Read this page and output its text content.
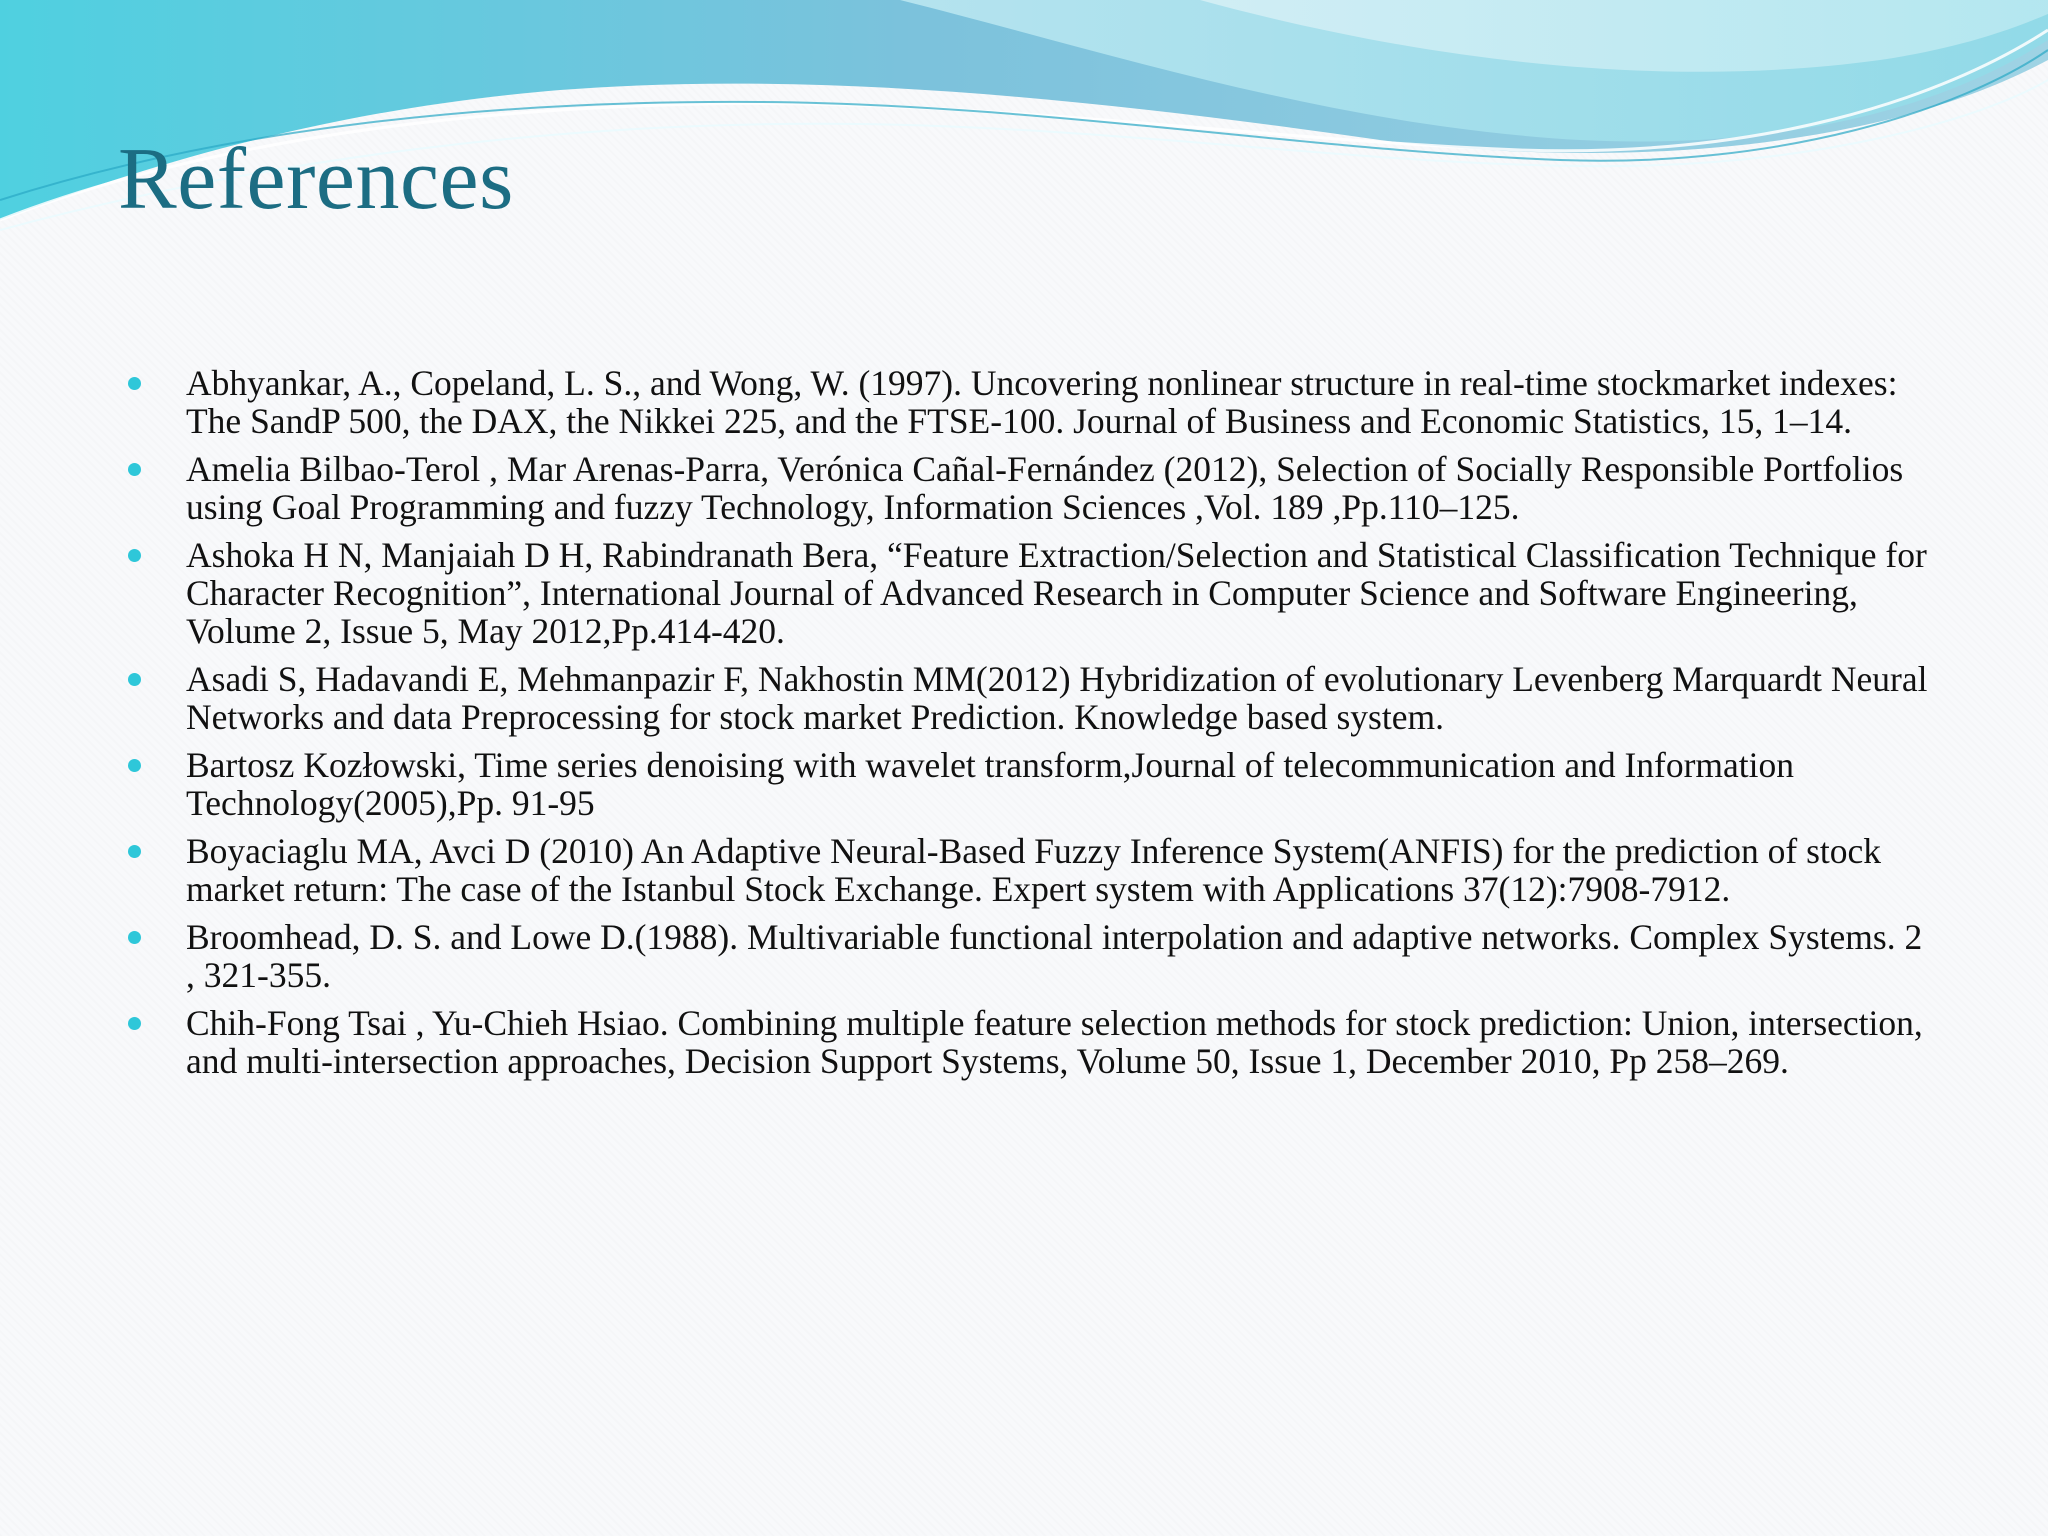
References
Abhyankar, A., Copeland, L. S., and Wong, W. (1997). Uncovering nonlinear structure in real-time stockmarket indexes: The SandP 500, the DAX, the Nikkei 225, and the FTSE-100. Journal of Business and Economic Statistics, 15, 1–14.
Amelia Bilbao-Terol , Mar Arenas-Parra, Verónica Cañal-Fernández (2012), Selection of Socially Responsible Portfolios using Goal Programming and fuzzy Technology, Information Sciences ,Vol. 189 ,Pp.110–125.
Ashoka H N, Manjaiah D H, Rabindranath Bera, “Feature Extraction/Selection and Statistical Classification Technique for Character Recognition”, International Journal of Advanced Research in Computer Science and Software Engineering, Volume 2, Issue 5, May 2012,Pp.414-420.
Asadi S, Hadavandi E, Mehmanpazir F, Nakhostin MM(2012) Hybridization of evolutionary Levenberg Marquardt Neural Networks and data Preprocessing for stock market Prediction. Knowledge based system.
Bartosz Kozłowski, Time series denoising with wavelet transform,Journal of telecommunication and Information Technology(2005),Pp. 91-95
Boyaciaglu MA, Avci D (2010) An Adaptive Neural-Based Fuzzy Inference System(ANFIS) for the prediction of stock market return: The case of the Istanbul Stock Exchange. Expert system with Applications 37(12):7908-7912.
Broomhead, D. S. and Lowe D.(1988). Multivariable functional interpolation and adaptive networks. Complex Systems. 2 , 321-355.
Chih-Fong Tsai , Yu-Chieh Hsiao. Combining multiple feature selection methods for stock prediction: Union, intersection, and multi-intersection approaches, Decision Support Systems, Volume 50, Issue 1, December 2010, Pp 258–269.
